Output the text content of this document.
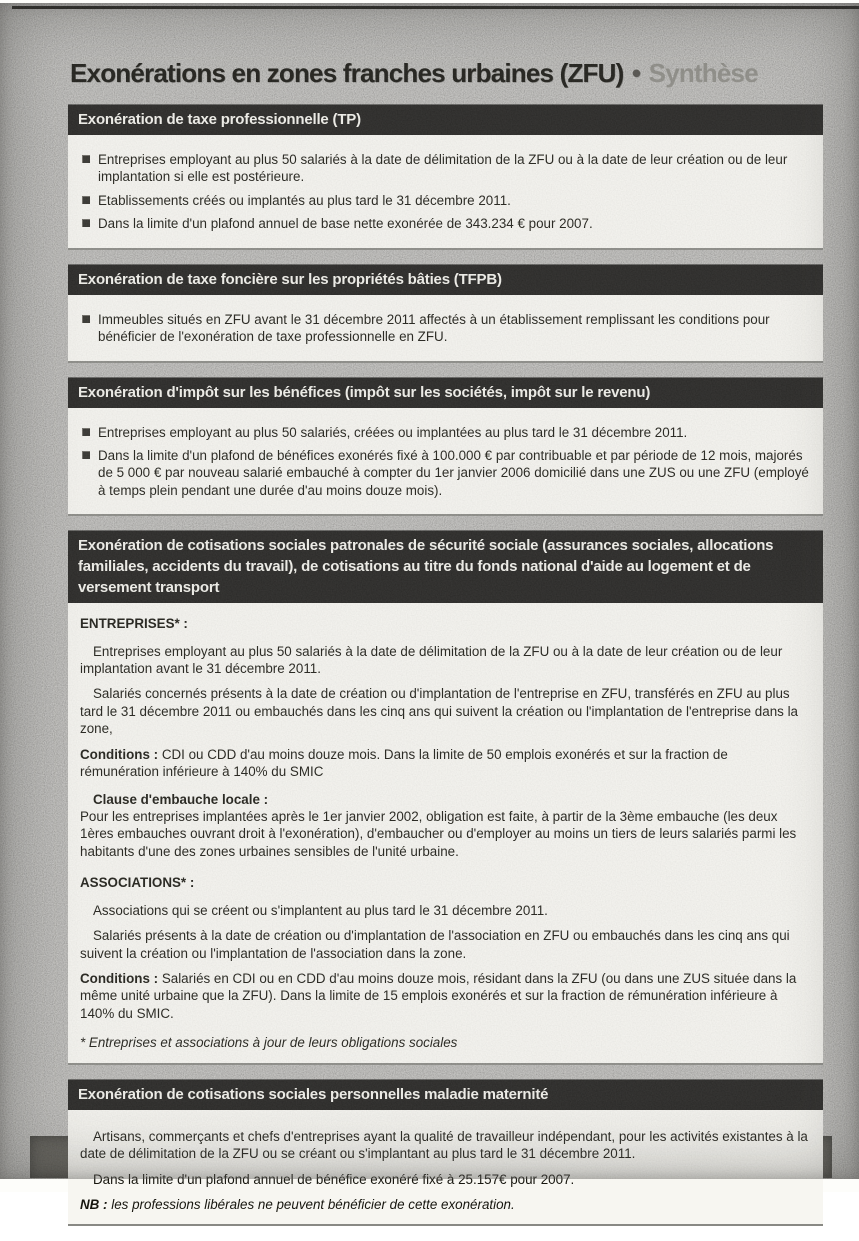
Exonérations en zones franches urbaines (ZFU) • Synthèse
Exonération de taxe professionnelle (TP)
Entreprises employant au plus 50 salariés à la date de délimitation de la ZFU ou à la date de leur création ou de leur implantation si elle est postérieure.
Etablissements créés ou implantés au plus tard le 31 décembre 2011.
Dans la limite d'un plafond annuel de base nette exonérée de 343.234 € pour 2007.
Exonération de taxe foncière sur les propriétés bâties (TFPB)
Immeubles situés en ZFU avant le 31 décembre 2011 affectés à un établissement remplissant les conditions pour bénéficier de l'exonération de taxe professionnelle en ZFU.
Exonération d'impôt sur les bénéfices (impôt sur les sociétés, impôt sur le revenu)
Entreprises employant au plus 50 salariés, créées ou implantées au plus tard le 31 décembre 2011.
Dans la limite d'un plafond de bénéfices exonérés fixé à 100.000 € par contribuable et par période de 12 mois, majorés de 5 000 € par nouveau salarié embauché à compter du 1er janvier 2006 domicilié dans une ZUS ou une ZFU (employé à temps plein pendant une durée d'au moins douze mois).
Exonération de cotisations sociales patronales de sécurité sociale (assurances sociales, allocations familiales, accidents du travail), de cotisations au titre du fonds national d'aide au logement et de versement transport
ENTREPRISES* :
Entreprises employant au plus 50 salariés à la date de délimitation de la ZFU ou à la date de leur création ou de leur implantation avant le 31 décembre 2011.
Salariés concernés présents à la date de création ou d'implantation de l'entreprise en ZFU, transférés en ZFU au plus tard le 31 décembre 2011 ou embauchés dans les cinq ans qui suivent la création ou l'implantation de l'entreprise dans la zone,
Conditions : CDI ou CDD d'au moins douze mois. Dans la limite de 50 emplois exonérés et sur la fraction de rémunération inférieure à 140% du SMIC
Clause d'embauche locale :
Pour les entreprises implantées après le 1er janvier 2002, obligation est faite, à partir de la 3ème embauche (les deux 1ères embauches ouvrant droit à l'exonération), d'embaucher ou d'employer au moins un tiers de leurs salariés parmi les habitants d'une des zones urbaines sensibles de l'unité urbaine.
ASSOCIATIONS* :
Associations qui se créent ou s'implantent au plus tard le 31 décembre 2011.
Salariés présents à la date de création ou d'implantation de l'association en ZFU ou embauchés dans les cinq ans qui suivent la création ou l'implantation de l'association dans la zone.
Conditions : Salariés en CDI ou en CDD d'au moins douze mois, résidant dans la ZFU (ou dans une ZUS située dans la même unité urbaine que la ZFU). Dans la limite de 15 emplois exonérés et sur la fraction de rémunération inférieure à 140% du SMIC.
* Entreprises et associations à jour de leurs obligations sociales
Exonération de cotisations sociales personnelles maladie maternité
Artisans, commerçants et chefs d'entreprises ayant la qualité de travailleur indépendant, pour les activités existantes à la date de délimitation de la ZFU ou se créant ou s'implantant au plus tard le 31 décembre 2011.
Dans la limite d'un plafond annuel de bénéfice exonéré fixé à 25.157€ pour 2007.
NB : les professions libérales ne peuvent bénéficier de cette exonération.
